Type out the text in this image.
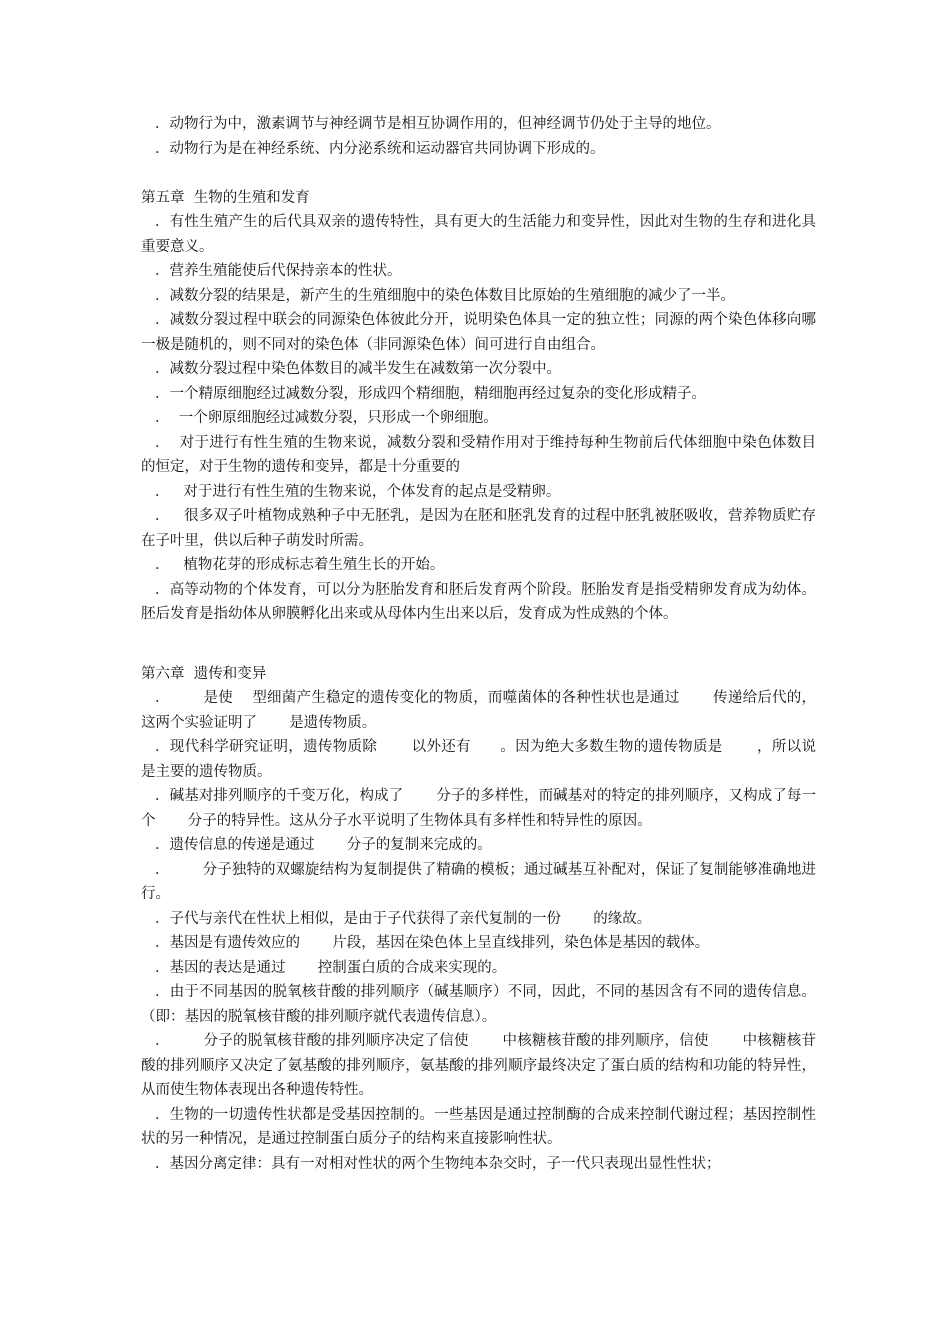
．动物行为中，激素调节与神经调节是相互协调作用的，但神经调节仍处于主导的地位。

．动物行为是在神经系统、内分泌系统和运动器官共同协调下形成的。

第五章  生物的生殖和发育

．有性生殖产生的后代具双亲的遗传特性，具有更大的生活能力和变异性，因此对生物的生存和进化具重要意义。

．营养生殖能使后代保持亲本的性状。

．减数分裂的结果是，新产生的生殖细胞中的染色体数目比原始的生殖细胞的减少了一半。

．减数分裂过程中联会的同源染色体彼此分开，说明染色体具一定的独立性；同源的两个染色体移向哪一极是随机的，则不同对的染色体（非同源染色体）间可进行自由组合。

．减数分裂过程中染色体数目的减半发生在减数第一次分裂中。

．一个精原细胞经过减数分裂，形成四个精细胞，精细胞再经过复杂的变化形成精子。

．  一个卵原细胞经过减数分裂，只形成一个卵细胞。

．  对于进行有性生殖的生物来说，减数分裂和受精作用对于维持每种生物前后代体细胞中染色体数目的恒定，对于生物的遗传和变异，都是十分重要的

．   对于进行有性生殖的生物来说，个体发育的起点是受精卵。

．   很多双子叶植物成熟种子中无胚乳，是因为在胚和胚乳发育的过程中胚乳被胚吸收，营养物质贮存在子叶里，供以后种子萌发时所需。

．   植物花芽的形成标志着生殖生长的开始。

．高等动物的个体发育，可以分为胚胎发育和胚后发育两个阶段。胚胎发育是指受精卵发育成为幼体。胚后发育是指幼体从卵膜孵化出来或从母体内生出来以后，发育成为性成熟的个体。

第六章  遗传和变异

．       是使    型细菌产生稳定的遗传变化的物质，而噬菌体的各种性状也是通过       传递给后代的，这两个实验证明了       是遗传物质。

．现代科学研究证明，遗传物质除       以外还有      。因为绝大多数生物的遗传物质是       ，所以说       是主要的遗传物质。

．碱基对排列顺序的千变万化，构成了       分子的多样性，而碱基对的特定的排列顺序，又构成了每一个       分子的特异性。这从分子水平说明了生物体具有多样性和特异性的原因。

．遗传信息的传递是通过       分子的复制来完成的。

．       分子独特的双螺旋结构为复制提供了精确的模板；通过碱基互补配对，保证了复制能够准确地进行。

．子代与亲代在性状上相似，是由于子代获得了亲代复制的一份       的缘故。

．基因是有遗传效应的       片段，基因在染色体上呈直线排列，染色体是基因的载体。

．基因的表达是通过       控制蛋白质的合成来实现的。

．由于不同基因的脱氧核苷酸的排列顺序（碱基顺序）不同，因此，不同的基因含有不同的遗传信息。（即：基因的脱氧核苷酸的排列顺序就代表遗传信息）。

．       分子的脱氧核苷酸的排列顺序决定了信使       中核糖核苷酸的排列顺序，信使       中核糖核苷酸的排列顺序又决定了氨基酸的排列顺序，氨基酸的排列顺序最终决定了蛋白质的结构和功能的特异性，从而使生物体表现出各种遗传特性。

．生物的一切遗传性状都是受基因控制的。一些基因是通过控制酶的合成来控制代谢过程；基因控制性状的另一种情况，是通过控制蛋白质分子的结构来直接影响性状。

．基因分离定律：具有一对相对性状的两个生物纯本杂交时，子一代只表现出显性性状；
